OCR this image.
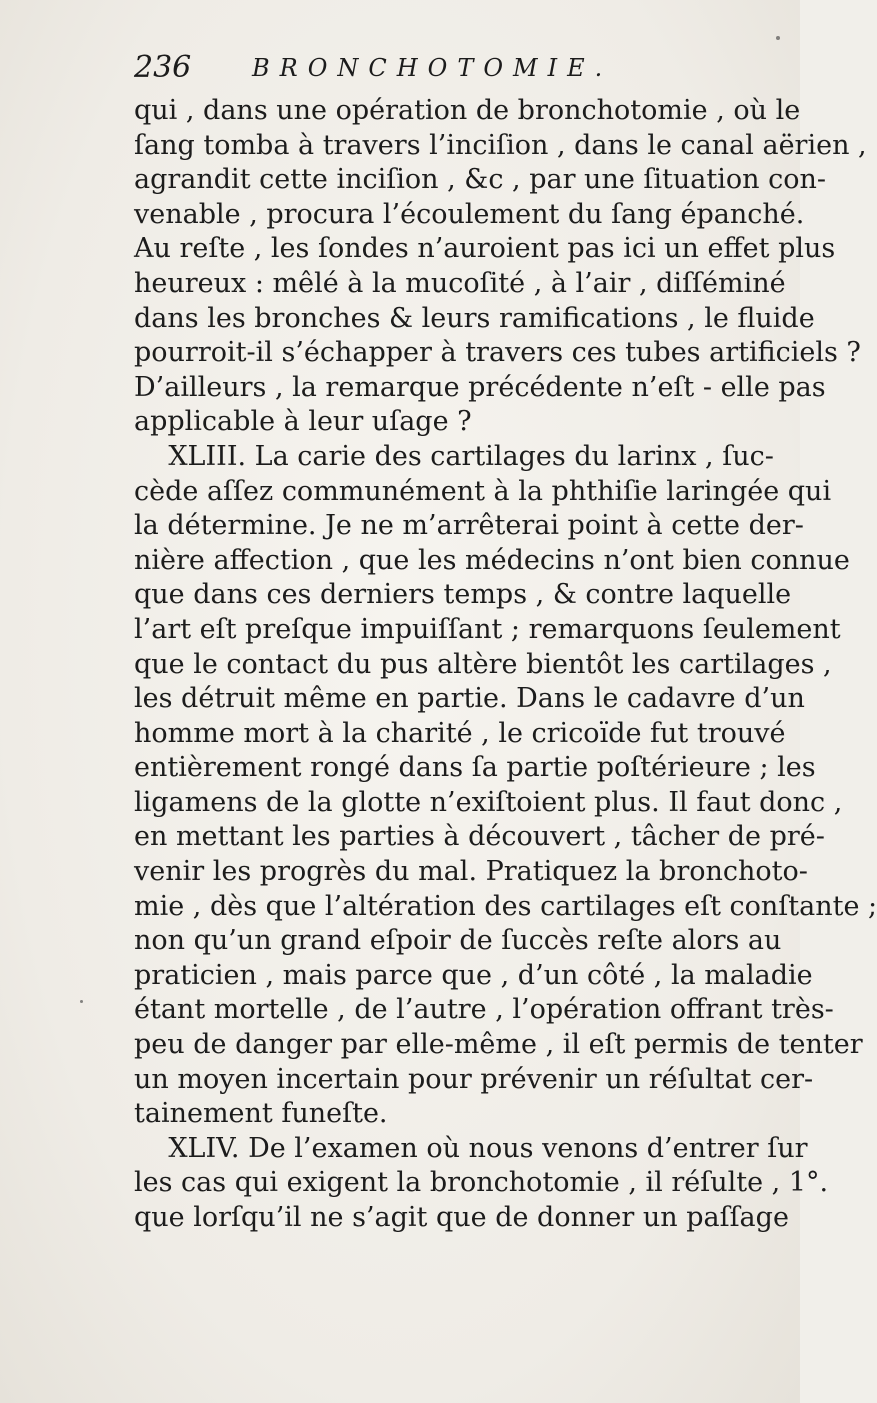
236	BRONCHOTOMIE.
qui , dans une opération de bronchotomie , où le
ſang tomba à travers l’inciſion , dans le canal aërien ,
agrandit cette inciſion , &c , par une ſituation con-
venable , procura l’écoulement du ſang épanché.
Au reſte , les ſondes n’auroient pas ici un effet plus
heureux : mêlé à la mucoſité , à l’air , diſſéminé
dans les bronches & leurs ramifications , le fluide
pourroit-il s’échapper à travers ces tubes artificiels ?
D’ailleurs , la remarque précédente n’eſt - elle pas
applicable à leur uſage ?
XLIII. La carie des cartilages du larinx , ſuc-
cède aſſez communément à la phthiſie laringée qui
la détermine. Je ne m’arrêterai point à cette der-
nière affection , que les médecins n’ont bien connue
que dans ces derniers temps , & contre laquelle
l’art eſt preſque impuiſſant ; remarquons ſeulement
que le contact du pus altère bientôt les cartilages ,
les détruit même en partie. Dans le cadavre d’un
homme mort à la charité , le cricoïde fut trouvé
entièrement rongé dans ſa partie poſtérieure ; les
ligamens de la glotte n’exiſtoient plus. Il faut donc ,
en mettant les parties à découvert , tâcher de pré-
venir les progrès du mal. Pratiquez la bronchoto-
mie , dès que l’altération des cartilages eſt conſtante ;
non qu’un grand eſpoir de ſuccès reſte alors au
praticien , mais parce que , d’un côté , la maladie
étant mortelle , de l’autre , l’opération offrant très-
peu de danger par elle-même , il eſt permis de tenter
un moyen incertain pour prévenir un réſultat cer-
tainement funeſte.
XLIV. De l’examen où nous venons d’entrer ſur
les cas qui exigent la bronchotomie , il réſulte , 1°.
que lorſqu’il ne s’agit que de donner un paſſage
